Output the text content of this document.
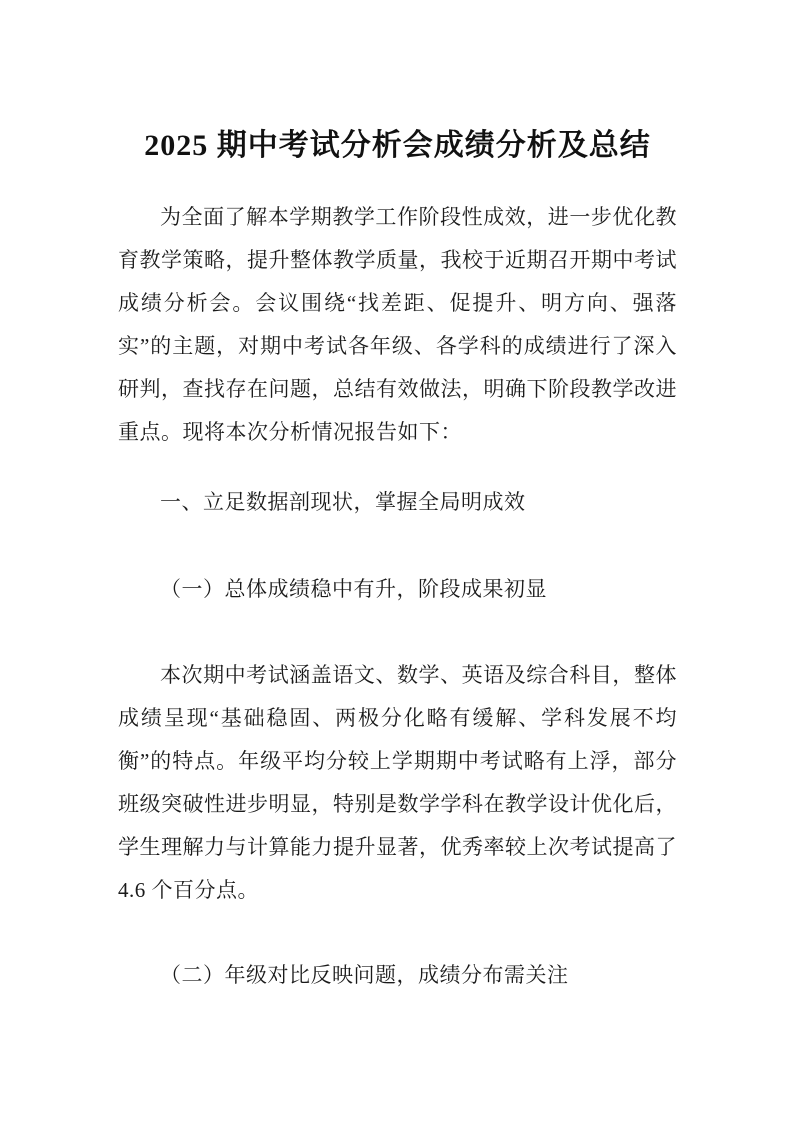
2025 期中考试分析会成绩分析及总结

为全面了解本学期教学工作阶段性成效，进一步优化教育教学策略，提升整体教学质量，我校于近期召开期中考试成绩分析会。会议围绕“找差距、促提升、明方向、强落实”的主题，对期中考试各年级、各学科的成绩进行了深入研判，查找存在问题，总结有效做法，明确下阶段教学改进重点。现将本次分析情况报告如下：

一、立足数据剖现状，掌握全局明成效
（一）总体成绩稳中有升，阶段成果初显

本次期中考试涵盖语文、数学、英语及综合科目，整体成绩呈现“基础稳固、两极分化略有缓解、学科发展不均衡”的特点。年级平均分较上学期期中考试略有上浮，部分班级突破性进步明显，特别是数学学科在教学设计优化后，学生理解力与计算能力提升显著，优秀率较上次考试提高了 4.6 个百分点。

（二）年级对比反映问题，成绩分布需关注
